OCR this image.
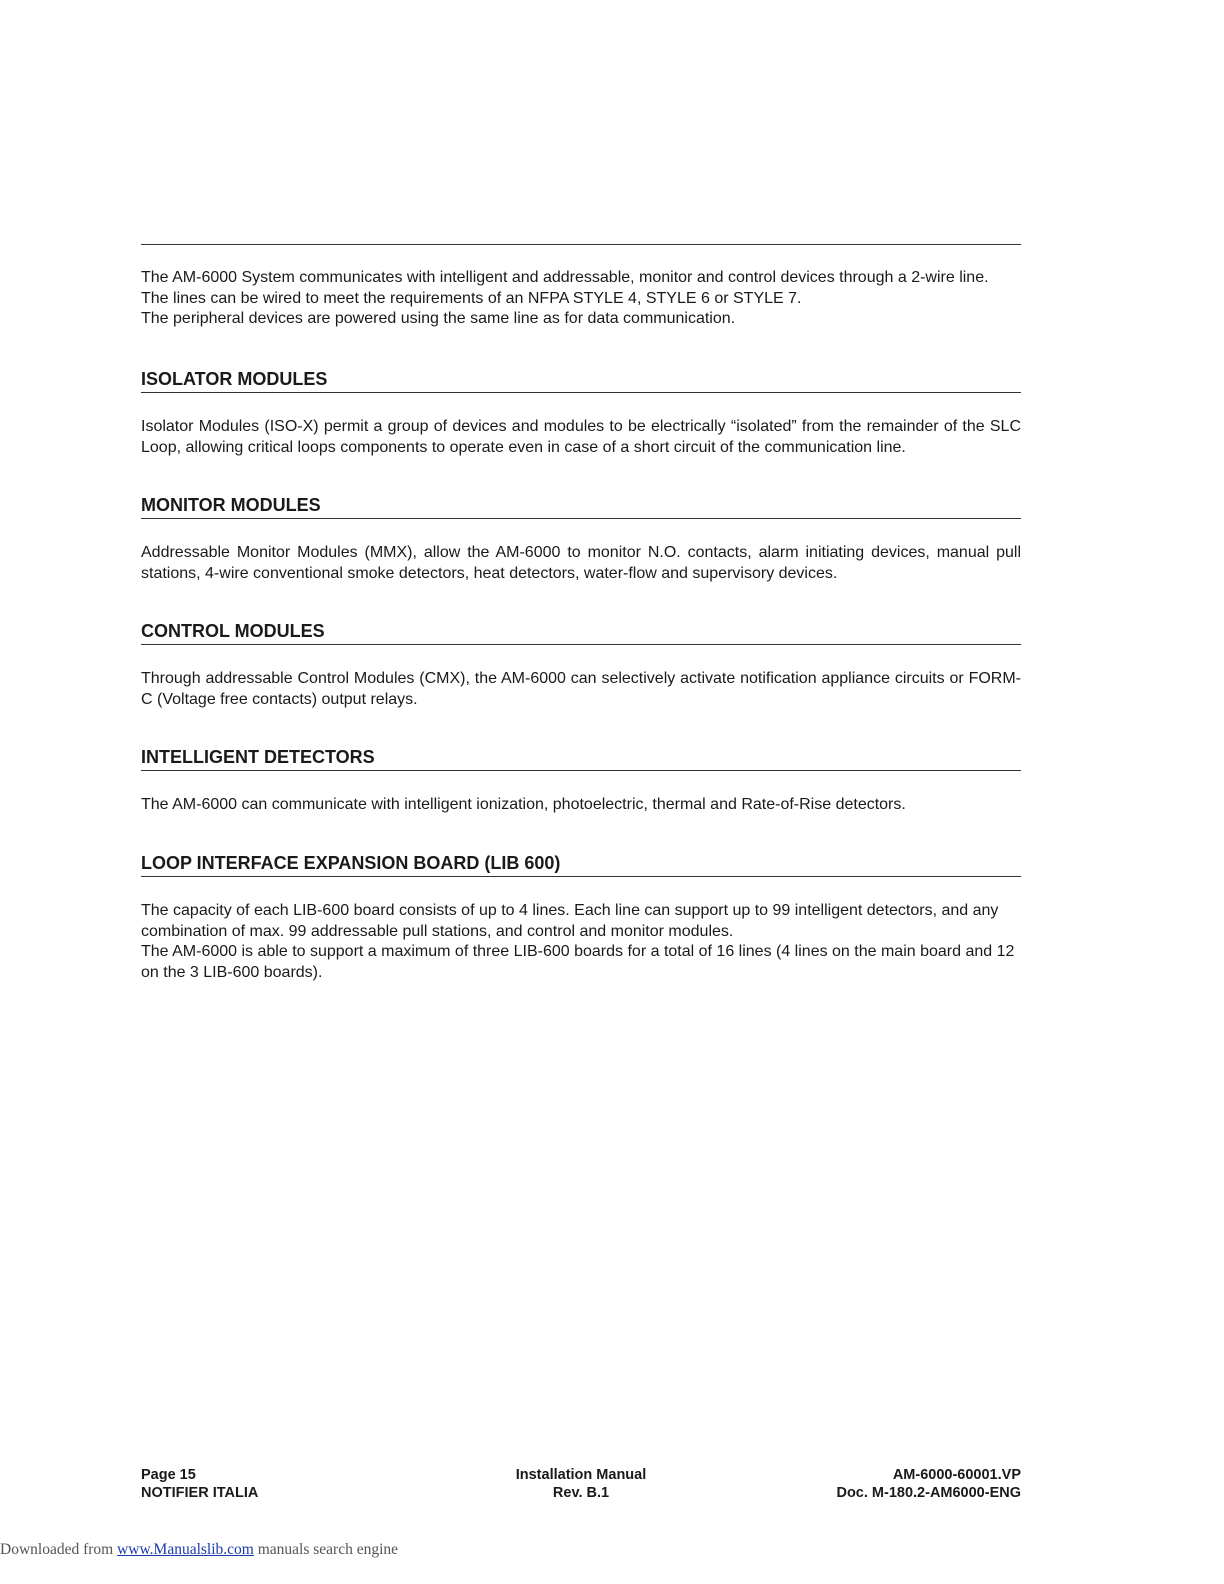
The AM-6000 System communicates with intelligent and addressable, monitor and control devices through a 2-wire line.

The lines can be wired to meet the requirements of an NFPA STYLE 4, STYLE 6 or STYLE 7.

The peripheral devices are powered using the same line as for data communication.

ISOLATOR MODULES

Isolator Modules (ISO-X) permit a group of devices and modules to be electrically “isolated” from the remainder of the SLC Loop, allowing critical loops components to operate even in case of a short circuit of the communication line.

MONITOR MODULES

Addressable Monitor Modules (MMX), allow the AM-6000 to monitor N.O. contacts, alarm initiating devices, manual pull stations, 4-wire conventional smoke detectors, heat detectors, water-flow and supervisory devices.

CONTROL MODULES

Through addressable Control Modules (CMX), the AM-6000 can selectively activate notification appliance circuits or FORM-C (Voltage free contacts) output relays.

INTELLIGENT DETECTORS

The AM-6000 can communicate with intelligent ionization, photoelectric, thermal and Rate-of-Rise detectors.

LOOP INTERFACE EXPANSION BOARD (LIB 600)

The capacity of each LIB-600 board consists of up to 4 lines. Each line can support up to 99 intelligent detectors, and any combination of max. 99 addressable pull stations, and control and monitor modules.

The AM-6000 is able to support a maximum of three LIB-600 boards for a total of 16 lines (4 lines on the main board and 12 on the 3 LIB-600 boards).

Page 15
NOTIFIER ITALIA
Installation Manual
Rev. B.1
AM-6000-60001.VP
Doc. M-180.2-AM6000-ENG
Downloaded from www.Manualslib.com manuals search engine
